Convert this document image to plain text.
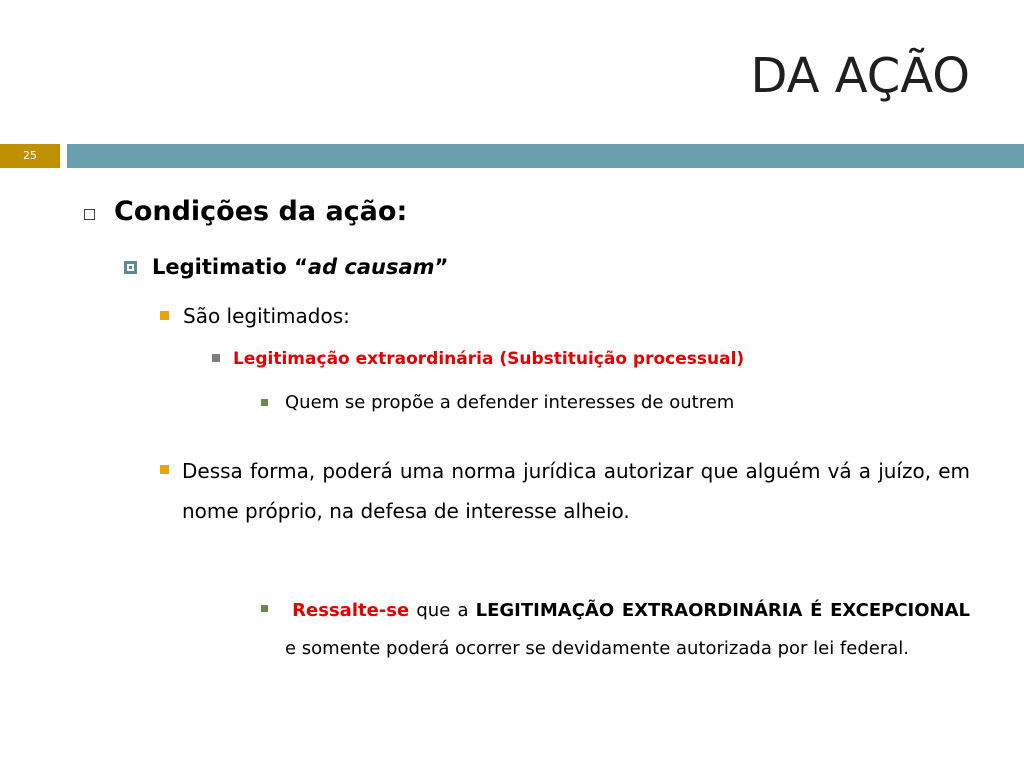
DA AÇÃO
25
Condições da ação:
Legitimatio “ad causam”
São legitimados:
Legitimação extraordinária (Substituição processual)
Quem se propõe a defender interesses de outrem
Dessa forma, poderá uma norma jurídica autorizar que alguém vá a juízo, em nome próprio, na defesa de interesse alheio.
Ressalte-se que a LEGITIMAÇÃO EXTRAORDINÁRIA É EXCEPCIONAL e somente poderá ocorrer se devidamente autorizada por lei federal.
